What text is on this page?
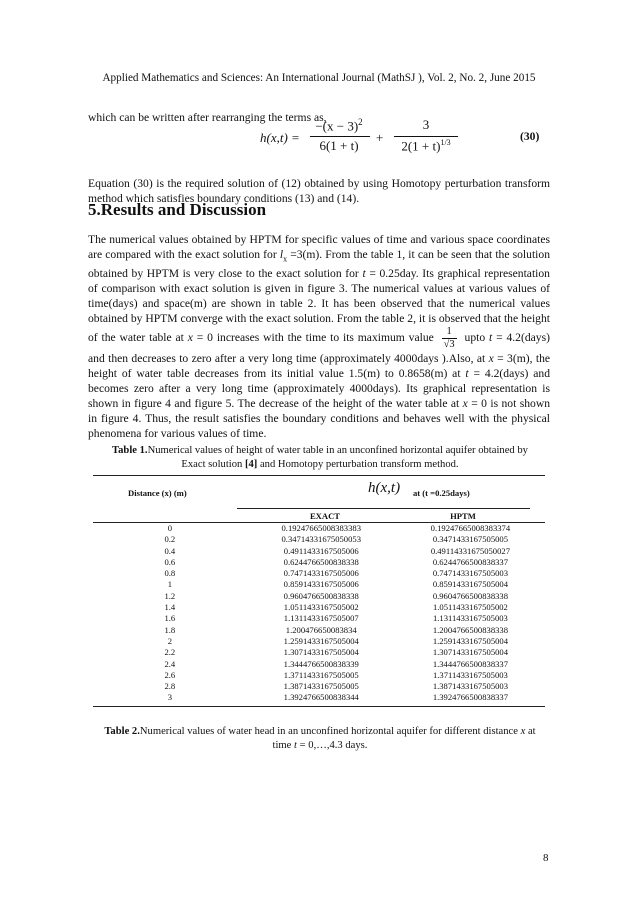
Applied Mathematics and Sciences: An International Journal (MathSJ ), Vol. 2, No. 2, June 2015
which can be written after rearranging the terms as,
h(x,t) =
$-(x - 3)^2$
6(1 + t)
+
3
$2(1 + t)^{1/3}$	(30)
Equation (30) is the required solution of (12) obtained by using Homotopy perturbation transform method which satisfies boundary conditions (13) and (14).
5.Results and Discussion
The numerical values obtained by HPTM for specific values of time and various space coordinates are compared with the exact solution for $l_x =3(m)$. From the table 1, it can be seen that the solution obtained by HPTM is very close to the exact solution for t = 0.25day. Its graphical representation of comparison with exact solution is given in figure 3. The numerical values at various values of time(days) and space(m) are shown in table 2. It has been observed that the numerical values obtained by HPTM converge with the exact solution. From the table 2, it is observed that the height of the water table at x = 0 increases with the time to its maximum value $\frac{1}{√3}$ upto t = 4.2(days) and then decreases to zero after a very long time (approximately 4000days ).Also, at x = 3(m), the height of water table decreases from its initial value 1.5(m) to 0.8658(m) at t = 4.2(days) and becomes zero after a very long time (approximately 4000days). Its graphical representation is shown in figure 4 and figure 5. The decrease of the height of the water table at x = 0 is not shown in figure 4. Thus, the result satisfies the boundary conditions and behaves well with the physical phenomena for various values of time.
Table 1.Numerical values of height of water table in an unconfined horizontal aquifer obtained by Exact solution [4] and Homotopy perturbation transform method.
Distance (x) (m)	h(x,t) at (t =0.25days)
EXACT	HPTM
0	0.19247665008383383	0.19247665008383374
0.2	0.34714331675050053	0.3471433167505005
0.4	0.4911433167505006	0.49114331675050027
0.6	0.6244766500838338	0.6244766500838337
0.8	0.7471433167505006	0.7471433167505003
1	0.8591433167505006	0.8591433167505004
1.2	0.9604766500838338	0.9604766500838338
1.4	1.0511433167505002	1.0511433167505002
1.6	1.1311433167505007	1.1311433167505003
1.8	1.200476650083834	1.2004766500838338
2	1.2591433167505004	1.2591433167505004
2.2	1.3071433167505004	1.3071433167505004
2.4	1.3444766500838339	1.3444766500838337
2.6	1.3711433167505005	1.3711433167505003
2.8	1.3871433167505005	1.3871433167505003
3	1.3924766500838344	1.3924766500838337
Table 2.Numerical values of water head in an unconfined horizontal aquifer for different distance x at
time t = 0,…,4.3 days.
8
